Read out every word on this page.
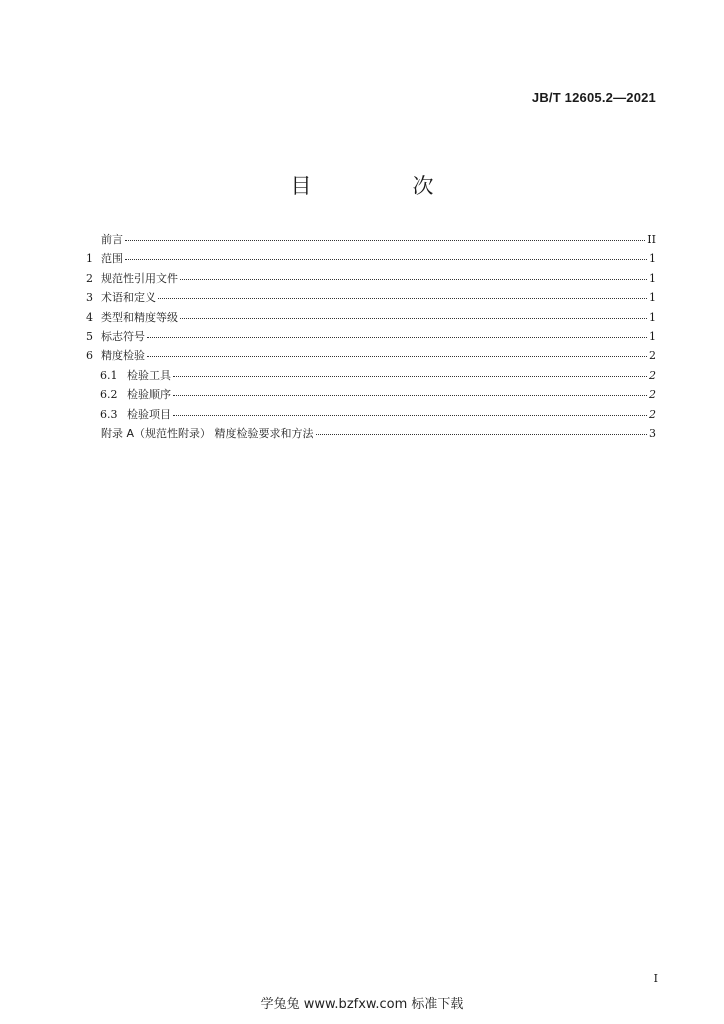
JB/T 12605.2—2021
目　次
前言	II
1 范围	1
2 规范性引用文件	1
3 术语和定义	1
4 类型和精度等级	1
5 标志符号	1
6 精度检验	2
6.1 检验工具	2
6.2 检验顺序	2
6.3 检验项目	2
附录 A（规范性附录） 精度检验要求和方法	3
I
学兔兔 www.bzfxw.com 标准下载
